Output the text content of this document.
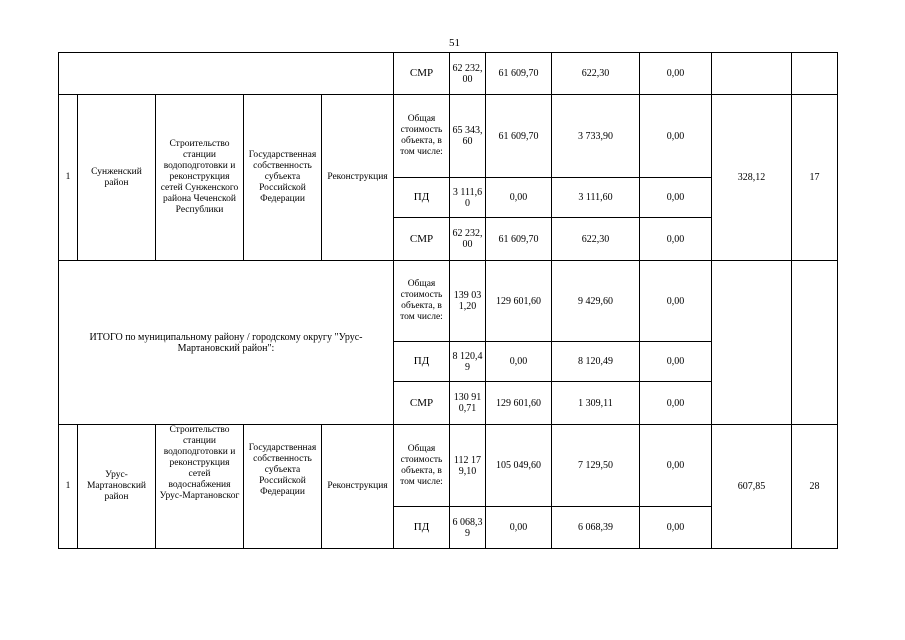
51
					СМР	62 232,00	61 609,70	622,30	0,00		
1	Сунженский район	Строительство станции водоподготовки и реконструкция сетей Сунженского района Чеченской Республики	Государственная собственность субъекта Российской Федерации	Реконструкция	Общая стоимость объекта, в том числе:	65 343,60	61 609,70	3 733,90	0,00	328,12	17
					ПД	3 111,60	0,00	3 111,60	0,00		
					СМР	62 232,00	61 609,70	622,30	0,00		
ИТОГО по муниципальному району / городскому округу "Урус-Мартановский район":					Общая стоимость объекта, в том числе:	139 031,20	129 601,60	9 429,60	0,00		
					ПД	8 120,49	0,00	8 120,49	0,00		
					СМР	130 910,71	129 601,60	1 309,11	0,00		
1	Урус-Мартановский район	Строительство станции водоподготовки и реконструкция сетей водоснабжения Урус-Мартановског	Государственная собственность субъекта Российской Федерации	Реконструкция	Общая стоимость объекта, в том числе:	112 179,10	105 049,60	7 129,50	0,00	607,85	28
					ПД	6 068,39	0,00	6 068,39	0,00		
